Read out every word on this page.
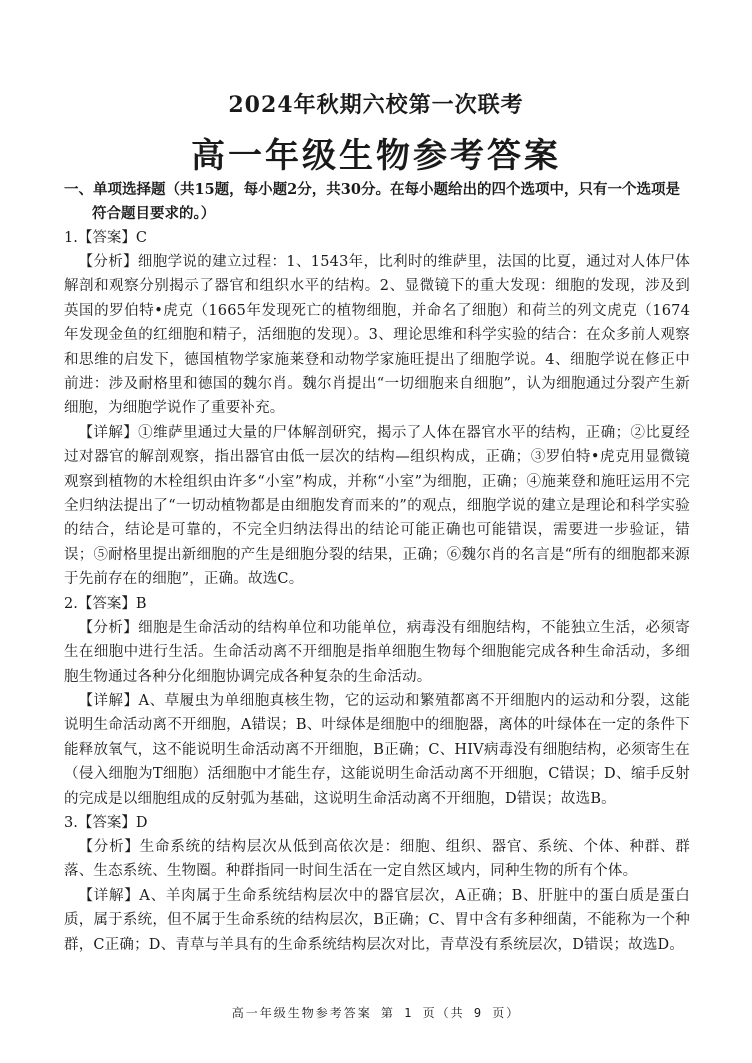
2024年秋期六校第一次联考
高一年级生物参考答案

一、单项选择题（共15题，每小题2分，共30分。在每小题给出的四个选项中，只有一个选项是符合题目要求的。）

1.【答案】C

【分析】细胞学说的建立过程：1、1543年，比利时的维萨里，法国的比夏，通过对人体尸体解剖和观察分别揭示了器官和组织水平的结构。2、显微镜下的重大发现：细胞的发现，涉及到英国的罗伯特•虎克（1665年发现死亡的植物细胞，并命名了细胞）和荷兰的列文虎克（1674年发现金鱼的红细胞和精子，活细胞的发现）。3、理论思维和科学实验的结合：在众多前人观察和思维的启发下，德国植物学家施莱登和动物学家施旺提出了细胞学说。4、细胞学说在修正中前进：涉及耐格里和德国的魏尔肖。魏尔肖提出“一切细胞来自细胞”，认为细胞通过分裂产生新细胞，为细胞学说作了重要补充。

【详解】①维萨里通过大量的尸体解剖研究，揭示了人体在器官水平的结构，正确；②比夏经过对器官的解剖观察，指出器官由低一层次的结构—组织构成，正确；③罗伯特•虎克用显微镜观察到植物的木栓组织由许多“小室”构成，并称“小室”为细胞，正确；④施莱登和施旺运用不完全归纳法提出了“一切动植物都是由细胞发育而来的”的观点，细胞学说的建立是理论和科学实验的结合，结论是可靠的，不完全归纳法得出的结论可能正确也可能错误，需要进一步验证，错误；⑤耐格里提出新细胞的产生是细胞分裂的结果，正确；⑥魏尔肖的名言是“所有的细胞都来源于先前存在的细胞”，正确。故选C。

2.【答案】B

【分析】细胞是生命活动的结构单位和功能单位，病毒没有细胞结构，不能独立生活，必须寄生在细胞中进行生活。生命活动离不开细胞是指单细胞生物每个细胞能完成各种生命活动，多细胞生物通过各种分化细胞协调完成各种复杂的生命活动。

【详解】A、草履虫为单细胞真核生物，它的运动和繁殖都离不开细胞内的运动和分裂，这能说明生命活动离不开细胞，A错误；B、叶绿体是细胞中的细胞器，离体的叶绿体在一定的条件下能释放氧气，这不能说明生命活动离不开细胞，B正确；C、HIV病毒没有细胞结构，必须寄生在（侵入细胞为T细胞）活细胞中才能生存，这能说明生命活动离不开细胞，C错误；D、缩手反射的完成是以细胞组成的反射弧为基础，这说明生命活动离不开细胞，D错误；故选B。

3.【答案】D

【分析】生命系统的结构层次从低到高依次是：细胞、组织、器官、系统、个体、种群、群落、生态系统、生物圈。种群指同一时间生活在一定自然区域内，同种生物的所有个体。

【详解】A、羊肉属于生命系统结构层次中的器官层次，A正确；B、肝脏中的蛋白质是蛋白质，属于系统，但不属于生命系统的结构层次，B正确；C、胃中含有多种细菌，不能称为一个种群，C正确；D、青草与羊具有的生命系统结构层次对比，青草没有系统层次，D错误；故选D。

高一年级生物参考答案 第 1 页（共 9 页）
